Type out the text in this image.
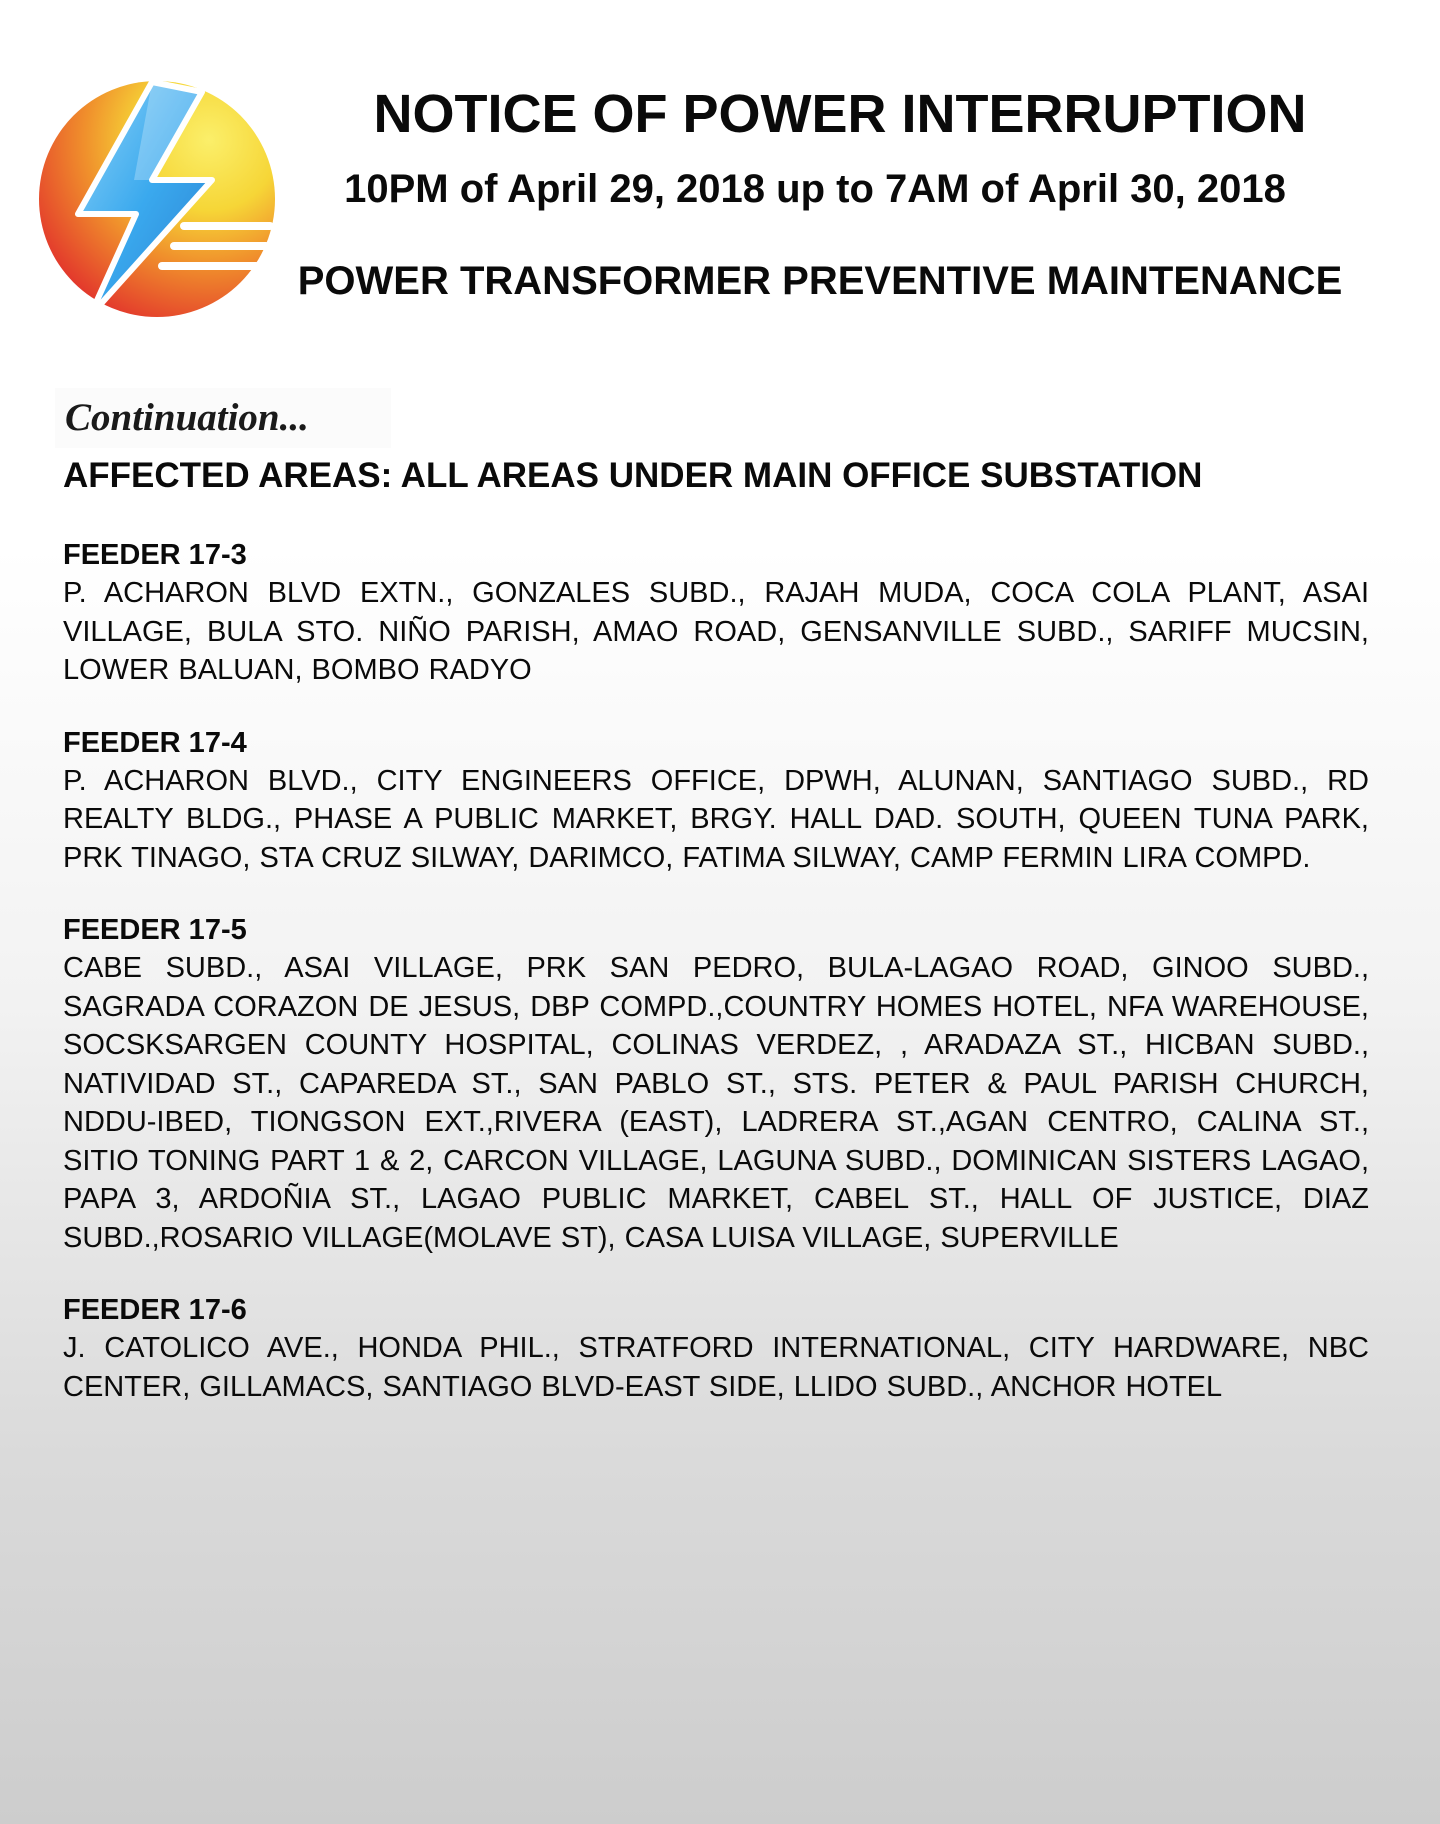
NOTICE OF POWER INTERRUPTION
10PM of April 29, 2018 up to 7AM of April 30, 2018
POWER TRANSFORMER PREVENTIVE MAINTENANCE
Continuation...
AFFECTED AREAS: ALL AREAS UNDER MAIN OFFICE SUBSTATION

FEEDER 17-3

P. ACHARON BLVD EXTN., GONZALES SUBD., RAJAH MUDA, COCA COLA PLANT, ASAI VILLAGE, BULA STO. NIÑO PARISH, AMAO ROAD, GENSANVILLE SUBD., SARIFF MUCSIN, LOWER BALUAN, BOMBO RADYO

FEEDER 17-4

P. ACHARON BLVD., CITY ENGINEERS OFFICE, DPWH, ALUNAN, SANTIAGO SUBD., RD REALTY BLDG., PHASE A PUBLIC MARKET, BRGY. HALL DAD. SOUTH, QUEEN TUNA PARK, PRK TINAGO, STA CRUZ SILWAY, DARIMCO, FATIMA SILWAY, CAMP FERMIN LIRA COMPD.

FEEDER 17-5

CABE SUBD., ASAI VILLAGE, PRK SAN PEDRO, BULA-LAGAO ROAD, GINOO SUBD., SAGRADA CORAZON DE JESUS, DBP COMPD.,COUNTRY HOMES HOTEL, NFA WAREHOUSE, SOCSKSARGEN COUNTY HOSPITAL, COLINAS VERDEZ, , ARADAZA ST., HICBAN SUBD., NATIVIDAD ST., CAPAREDA ST., SAN PABLO ST., STS. PETER & PAUL PARISH CHURCH, NDDU-IBED, TIONGSON EXT.,RIVERA (EAST), LADRERA ST.,AGAN CENTRO, CALINA ST., SITIO TONING PART 1 & 2, CARCON VILLAGE, LAGUNA SUBD., DOMINICAN SISTERS LAGAO, PAPA 3, ARDOÑIA ST., LAGAO PUBLIC MARKET, CABEL ST., HALL OF JUSTICE, DIAZ SUBD.,ROSARIO VILLAGE(MOLAVE ST), CASA LUISA VILLAGE, SUPERVILLE

FEEDER 17-6

J. CATOLICO AVE., HONDA PHIL., STRATFORD INTERNATIONAL, CITY HARDWARE, NBC CENTER, GILLAMACS, SANTIAGO BLVD-EAST SIDE, LLIDO SUBD., ANCHOR HOTEL
